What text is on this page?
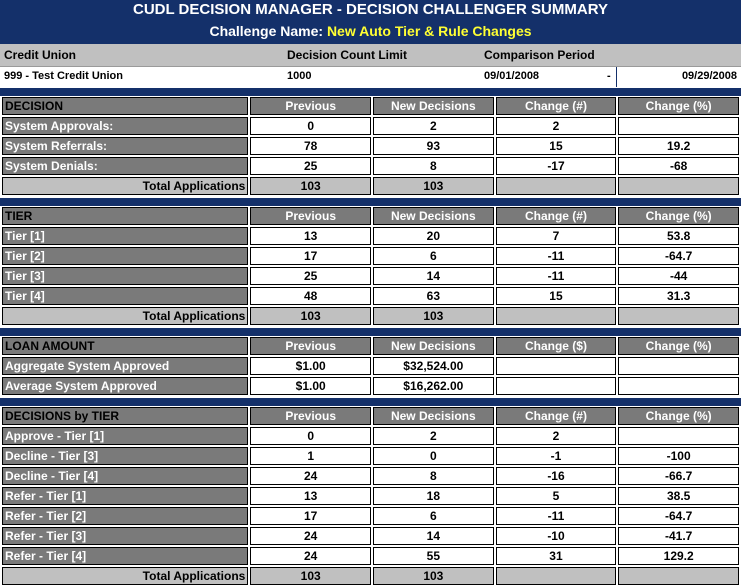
CUDL DECISION MANAGER - DECISION CHALLENGER SUMMARY
Challenge Name: New Auto Tier & Rule Changes
Credit Union	Decision Count Limit	Comparison Period
999 - Test Credit Union	1000	09/01/2008	-	09/29/2008
DECISION	Previous	New Decisions	Change (#)	Change (%)
System Approvals:	0	2	2	
System Referrals:	78	93	15	19.2
System Denials:	25	8	-17	-68
Total Applications	103	103		
TIER	Previous	New Decisions	Change (#)	Change (%)
Tier [1]	13	20	7	53.8
Tier [2]	17	6	-11	-64.7
Tier [3]	25	14	-11	-44
Tier [4]	48	63	15	31.3
Total Applications	103	103		
LOAN AMOUNT	Previous	New Decisions	Change ($)	Change (%)
Aggregate System Approved	$1.00	$32,524.00		
Average System Approved	$1.00	$16,262.00		
DECISIONS by TIER	Previous	New Decisions	Change (#)	Change (%)
Approve - Tier [1]	0	2	2	
Decline - Tier [3]	1	0	-1	-100
Decline - Tier [4]	24	8	-16	-66.7
Refer - Tier [1]	13	18	5	38.5
Refer - Tier [2]	17	6	-11	-64.7
Refer - Tier [3]	24	14	-10	-41.7
Refer - Tier [4]	24	55	31	129.2
Total Applications	103	103		
